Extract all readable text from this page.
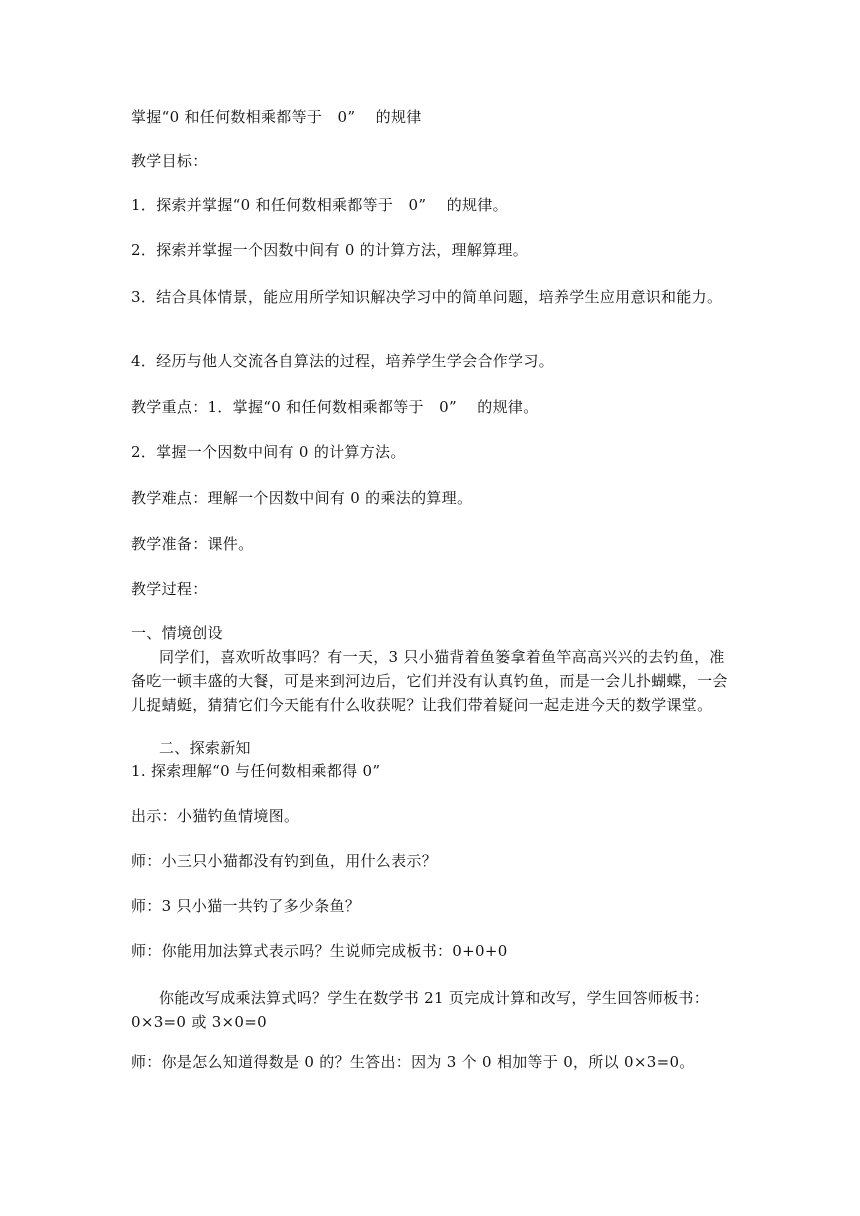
掌握“0 和任何数相乘都等于　0”　 的规律
教学目标：
1．探索并掌握“0 和任何数相乘都等于　0”　 的规律。
2．探索并掌握一个因数中间有 0 的计算方法，理解算理。
3．结合具体情景，能应用所学知识解决学习中的简单问题，培养学生应用意识和能力。
4．经历与他人交流各自算法的过程，培养学生学会合作学习。
教学重点：1．掌握“0 和任何数相乘都等于　0”　 的规律。
2．掌握一个因数中间有 0 的计算方法。
教学难点：理解一个因数中间有 0 的乘法的算理。
教学准备：课件。
教学过程：
一、情境创设
同学们，喜欢听故事吗？有一天，3 只小猫背着鱼篓拿着鱼竿高高兴兴的去钓鱼，准备吃一顿丰盛的大餐，可是来到河边后，它们并没有认真钓鱼，而是一会儿扑蝴蝶，一会儿捉蜻蜓，猜猜它们今天能有什么收获呢？让我们带着疑问一起走进今天的数学课堂。
二、探索新知
1. 探索理解“0 与任何数相乘都得 0”
出示：小猫钓鱼情境图。
师：小三只小猫都没有钓到鱼，用什么表示？
师：3 只小猫一共钓了多少条鱼？
师：你能用加法算式表示吗？生说师完成板书：0+0+0
你能改写成乘法算式吗？学生在数学书 21 页完成计算和改写，学生回答师板书：0×3=0 或 3×0=0
师：你是怎么知道得数是 0 的？生答出：因为 3 个 0 相加等于 0，所以 0×3=0。
